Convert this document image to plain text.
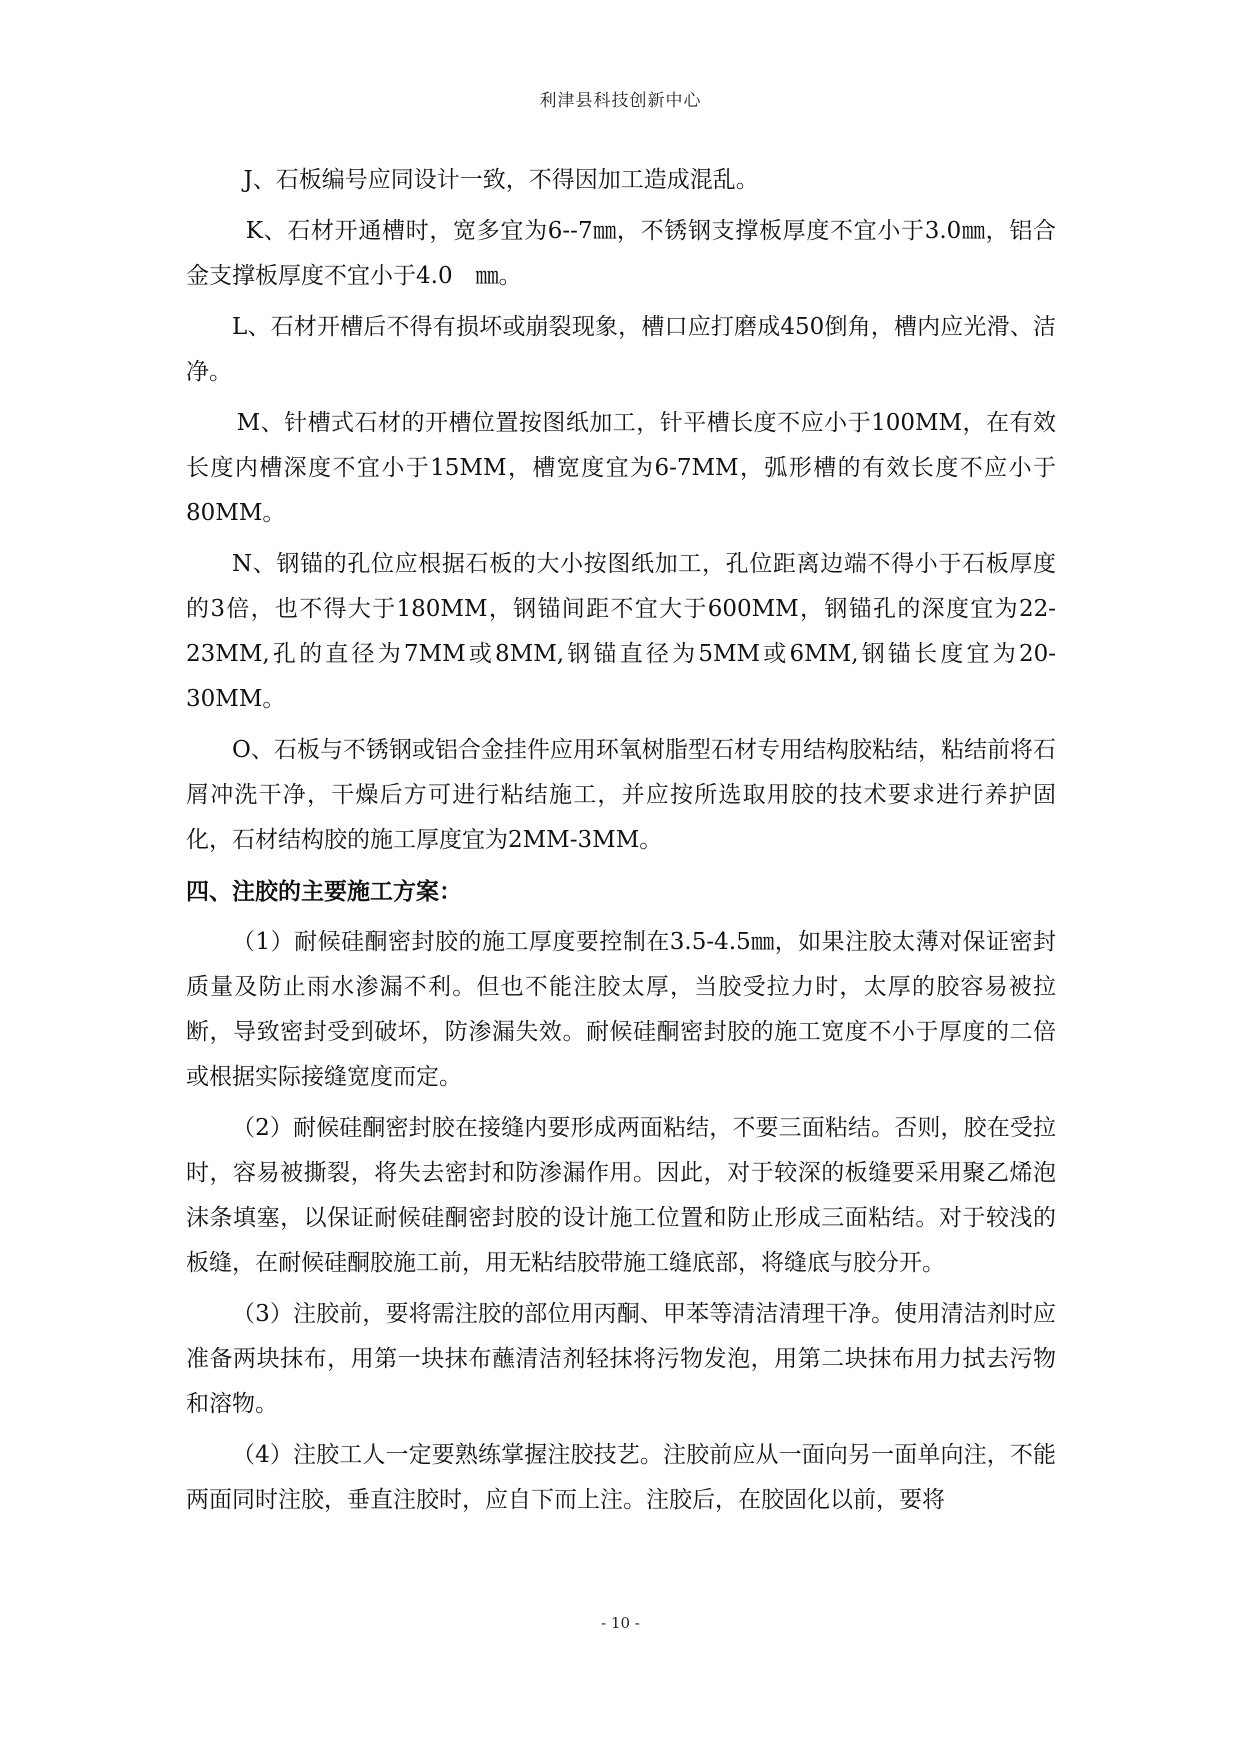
利津县科技创新中心

J、石板编号应同设计一致，不得因加工造成混乱。

K、石材开通槽时，宽多宜为6--7㎜，不锈钢支撑板厚度不宜小于3.0㎜，铝合金支撑板厚度不宜小于4.0　㎜。

L、石材开槽后不得有损坏或崩裂现象，槽口应打磨成450倒角，槽内应光滑、洁净。

M、针槽式石材的开槽位置按图纸加工，针平槽长度不应小于100MM，在有效长度内槽深度不宜小于15MM，槽宽度宜为6-7MM，弧形槽的有效长度不应小于80MM。

N、钢锚的孔位应根据石板的大小按图纸加工，孔位距离边端不得小于石板厚度的3倍，也不得大于180MM，钢锚间距不宜大于600MM，钢锚孔的深度宜为22-23MM,孔的直径为7MM或8MM,钢锚直径为5MM或6MM,钢锚长度宜为20-30MM。

O、石板与不锈钢或铝合金挂件应用环氧树脂型石材专用结构胶粘结，粘结前将石屑冲洗干净，干燥后方可进行粘结施工，并应按所选取用胶的技术要求进行养护固化，石材结构胶的施工厚度宜为2MM-3MM。

四、注胶的主要施工方案：

（1）耐候硅酮密封胶的施工厚度要控制在3.5-4.5㎜，如果注胶太薄对保证密封质量及防止雨水渗漏不利。但也不能注胶太厚，当胶受拉力时，太厚的胶容易被拉断，导致密封受到破坏，防渗漏失效。耐候硅酮密封胶的施工宽度不小于厚度的二倍或根据实际接缝宽度而定。

（2）耐候硅酮密封胶在接缝内要形成两面粘结，不要三面粘结。否则，胶在受拉时，容易被撕裂，将失去密封和防渗漏作用。因此，对于较深的板缝要采用聚乙烯泡沫条填塞，以保证耐候硅酮密封胶的设计施工位置和防止形成三面粘结。对于较浅的板缝，在耐候硅酮胶施工前，用无粘结胶带施工缝底部，将缝底与胶分开。

（3）注胶前，要将需注胶的部位用丙酮、甲苯等清洁清理干净。使用清洁剂时应准备两块抹布，用第一块抹布蘸清洁剂轻抹将污物发泡，用第二块抹布用力拭去污物和溶物。

（4）注胶工人一定要熟练掌握注胶技艺。注胶前应从一面向另一面单向注，不能两面同时注胶，垂直注胶时，应自下而上注。注胶后，在胶固化以前，要将

- 10 -
